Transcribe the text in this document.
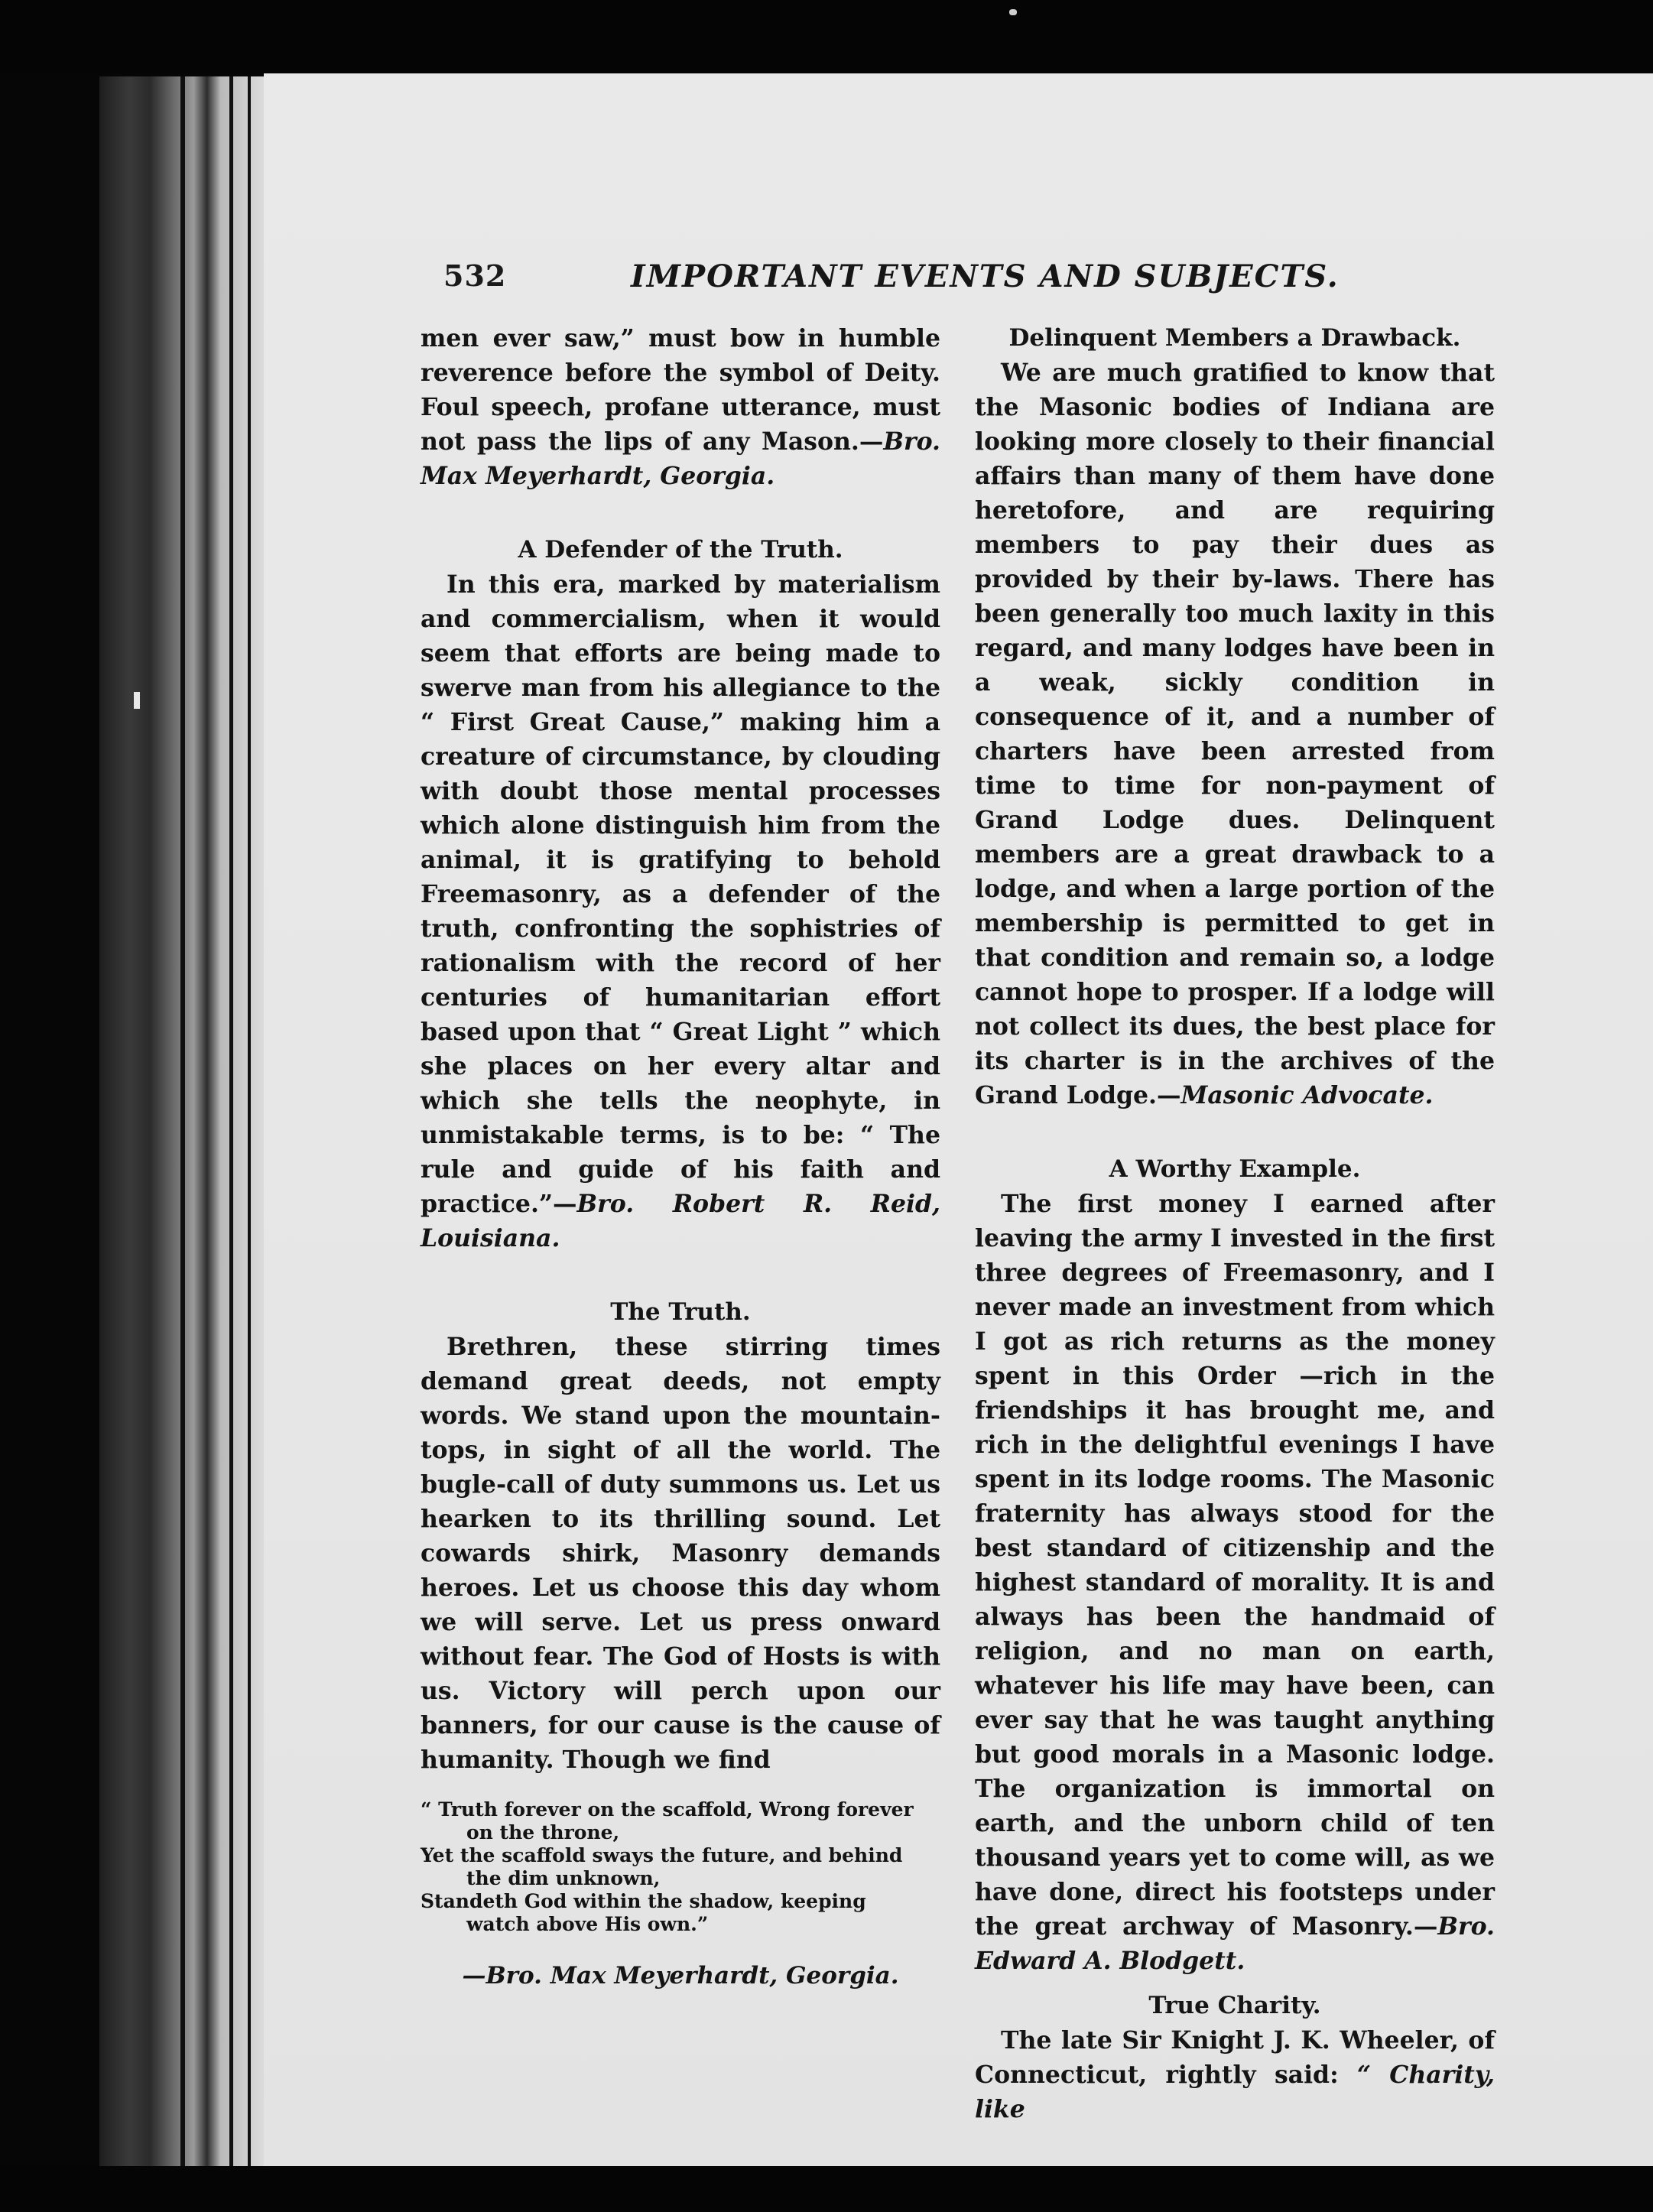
532	IMPORTANT EVENTS AND SUBJECTS.

men ever saw,” must bow in humble reverence before the symbol of Deity. Foul speech, profane utterance, must not pass the lips of any Mason.—Bro. Max Meyerhardt, Georgia.

A Defender of the Truth.

In this era, marked by materialism and commercialism, when it would seem that efforts are being made to swerve man from his allegiance to the “ First Great Cause,” making him a creature of circumstance, by clouding with doubt those mental processes which alone distinguish him from the animal, it is gratifying to behold Freemasonry, as a defender of the truth, confronting the sophistries of rationalism with the record of her centuries of humanitarian effort based upon that “ Great Light ” which she places on her every altar and which she tells the neophyte, in unmistakable terms, is to be: “ The rule and guide of his faith and practice.”—Bro. Robert R. Reid, Louisiana.

The Truth.

Brethren, these stirring times demand great deeds, not empty words. We stand upon the mountain-tops, in sight of all the world. The bugle-call of duty summons us. Let us hearken to its thrilling sound. Let cowards shirk, Masonry demands heroes. Let us choose this day whom we will serve. Let us press onward without fear. The God of Hosts is with us. Victory will perch upon our banners, for our cause is the cause of humanity. Though we find

“ Truth forever on the scaffold, Wrong forever
on the throne,
Yet the scaffold sways the future, and behind
the dim unknown,
Standeth God within the shadow, keeping
watch above His own.”

—Bro. Max Meyerhardt, Georgia.

Delinquent Members a Drawback.

We are much gratified to know that the Masonic bodies of Indiana are looking more closely to their financial affairs than many of them have done heretofore, and are requiring members to pay their dues as provided by their by-laws. There has been generally too much laxity in this regard, and many lodges have been in a weak, sickly condition in consequence of it, and a number of charters have been arrested from time to time for non-payment of Grand Lodge dues. Delinquent members are a great drawback to a lodge, and when a large portion of the membership is permitted to get in that condition and remain so, a lodge cannot hope to prosper. If a lodge will not collect its dues, the best place for its charter is in the archives of the Grand Lodge.—Masonic Advocate.

A Worthy Example.

The first money I earned after leaving the army I invested in the first three degrees of Freemasonry, and I never made an investment from which I got as rich returns as the money spent in this Order —rich in the friendships it has brought me, and rich in the delightful evenings I have spent in its lodge rooms. The Masonic fraternity has always stood for the best standard of citizenship and the highest standard of morality. It is and always has been the handmaid of religion, and no man on earth, whatever his life may have been, can ever say that he was taught anything but good morals in a Masonic lodge. The organization is immortal on earth, and the unborn child of ten thousand years yet to come will, as we have done, direct his footsteps under the great archway of Masonry.—Bro. Edward A. Blodgett.

True Charity.

The late Sir Knight J. K. Wheeler, of Connecticut, rightly said: “ Charity, like
